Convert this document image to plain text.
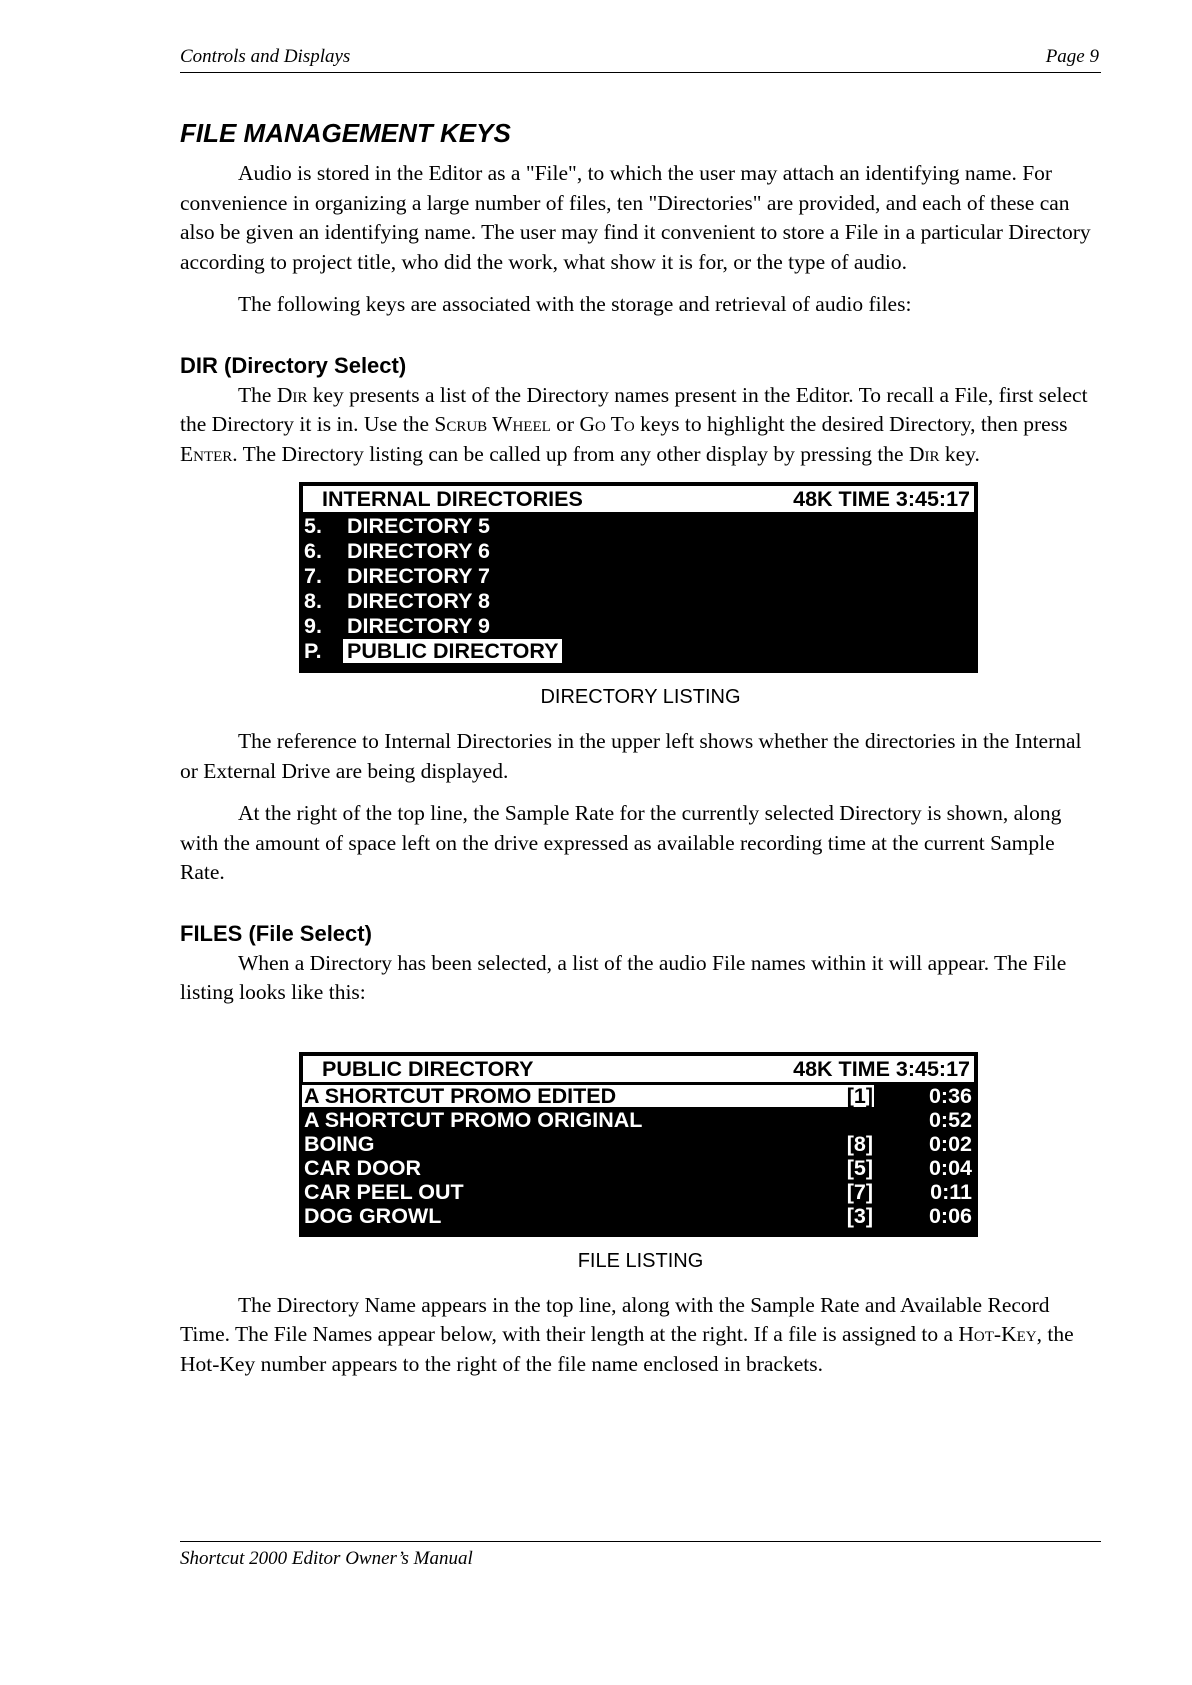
Controls and Displays	Page 9
FILE MANAGEMENT KEYS

Audio is stored in the Editor as a "File", to which the user may attach an identifying name. For convenience in organizing a large number of files, ten "Directories" are provided, and each of these can also be given an identifying name. The user may find it convenient to store a File in a particular Directory according to project title, who did the work, what show it is for, or the type of audio.

The following keys are associated with the storage and retrieval of audio files:

DIR (Directory Select)

The Dir key presents a list of the Directory names present in the Editor. To recall a File, first select the Directory it is in. Use the Scrub Wheel or Go To keys to highlight the desired Directory, then press Enter. The Directory listing can be called up from any other display by pressing the Dir key.

INTERNAL DIRECTORIES	48K TIME 3:45:17
5. DIRECTORY 5
6. DIRECTORY 6
7. DIRECTORY 7
8. DIRECTORY 8
9. DIRECTORY 9
P. PUBLIC DIRECTORY
DIRECTORY LISTING

The reference to Internal Directories in the upper left shows whether the directories in the Internal or External Drive are being displayed.

At the right of the top line, the Sample Rate for the currently selected Directory is shown, along with the amount of space left on the drive expressed as available recording time at the current Sample Rate.

FILES (File Select)

When a Directory has been selected, a list of the audio File names within it will appear. The File listing looks like this:

PUBLIC DIRECTORY	48K TIME 3:45:17
A SHORTCUT PROMO EDITED	[1]	0:36
A SHORTCUT PROMO ORIGINAL	0:52
BOING	[8]	0:02
CAR DOOR	[5]	0:04
CAR PEEL OUT	[7]	0:11
DOG GROWL	[3]	0:06
FILE LISTING

The Directory Name appears in the top line, along with the Sample Rate and Available Record Time. The File Names appear below, with their length at the right. If a file is assigned to a Hot-Key, the Hot-Key number appears to the right of the file name enclosed in brackets.

Shortcut 2000 Editor Owner’s Manual
